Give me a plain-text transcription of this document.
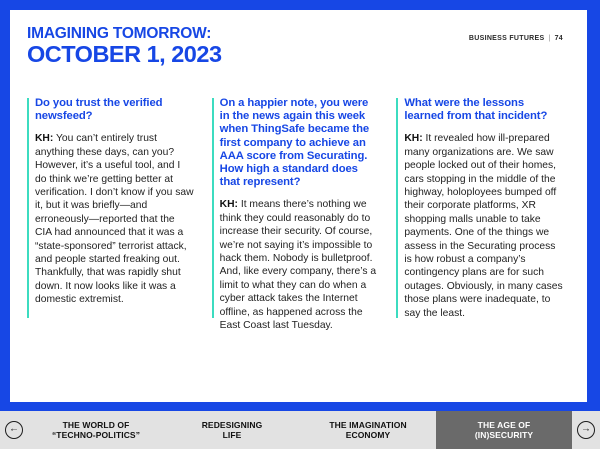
IMAGINING TOMORROW:
OCTOBER 1, 2023
BUSINESS FUTURES | 74
Do you trust the verified newsfeed?

KH: You can’t entirely trust anything these days, can you? However, it’s a useful tool, and I do think we’re getting better at verification. I don’t know if you saw it, but it was briefly—and erroneously—reported that the CIA had announced that it was a “state-sponsored” terrorist attack, and people started freaking out. Thankfully, that was rapidly shut down. It now looks like it was a domestic extremist.

On a happier note, you were in the news again this week when ThingSafe became the first company to achieve an AAA score from Securating. How high a standard does that represent?

KH: It means there’s nothing we think they could reasonably do to increase their security. Of course, we’re not saying it’s impossible to hack them. Nobody is bulletproof. And, like every company, there’s a limit to what they can do when a cyber attack takes the Internet offline, as happened across the East Coast last Tuesday.

What were the lessons learned from that incident?

KH: It revealed how ill-prepared many organizations are. We saw people locked out of their homes, cars stopping in the middle of the highway, holoployees bumped off their corporate platforms, XR shopping malls unable to take payments. One of the things we assess in the Securating process is how robust a company’s contingency plans are for such outages. Obviously, in many cases those plans were inadequate, to say the least.

←	THE WORLD OF
“TECHNO-POLITICS”
REDESIGNING
LIFE
THE IMAGINATION
ECONOMY
THE AGE OF
(IN)SECURITY
→
